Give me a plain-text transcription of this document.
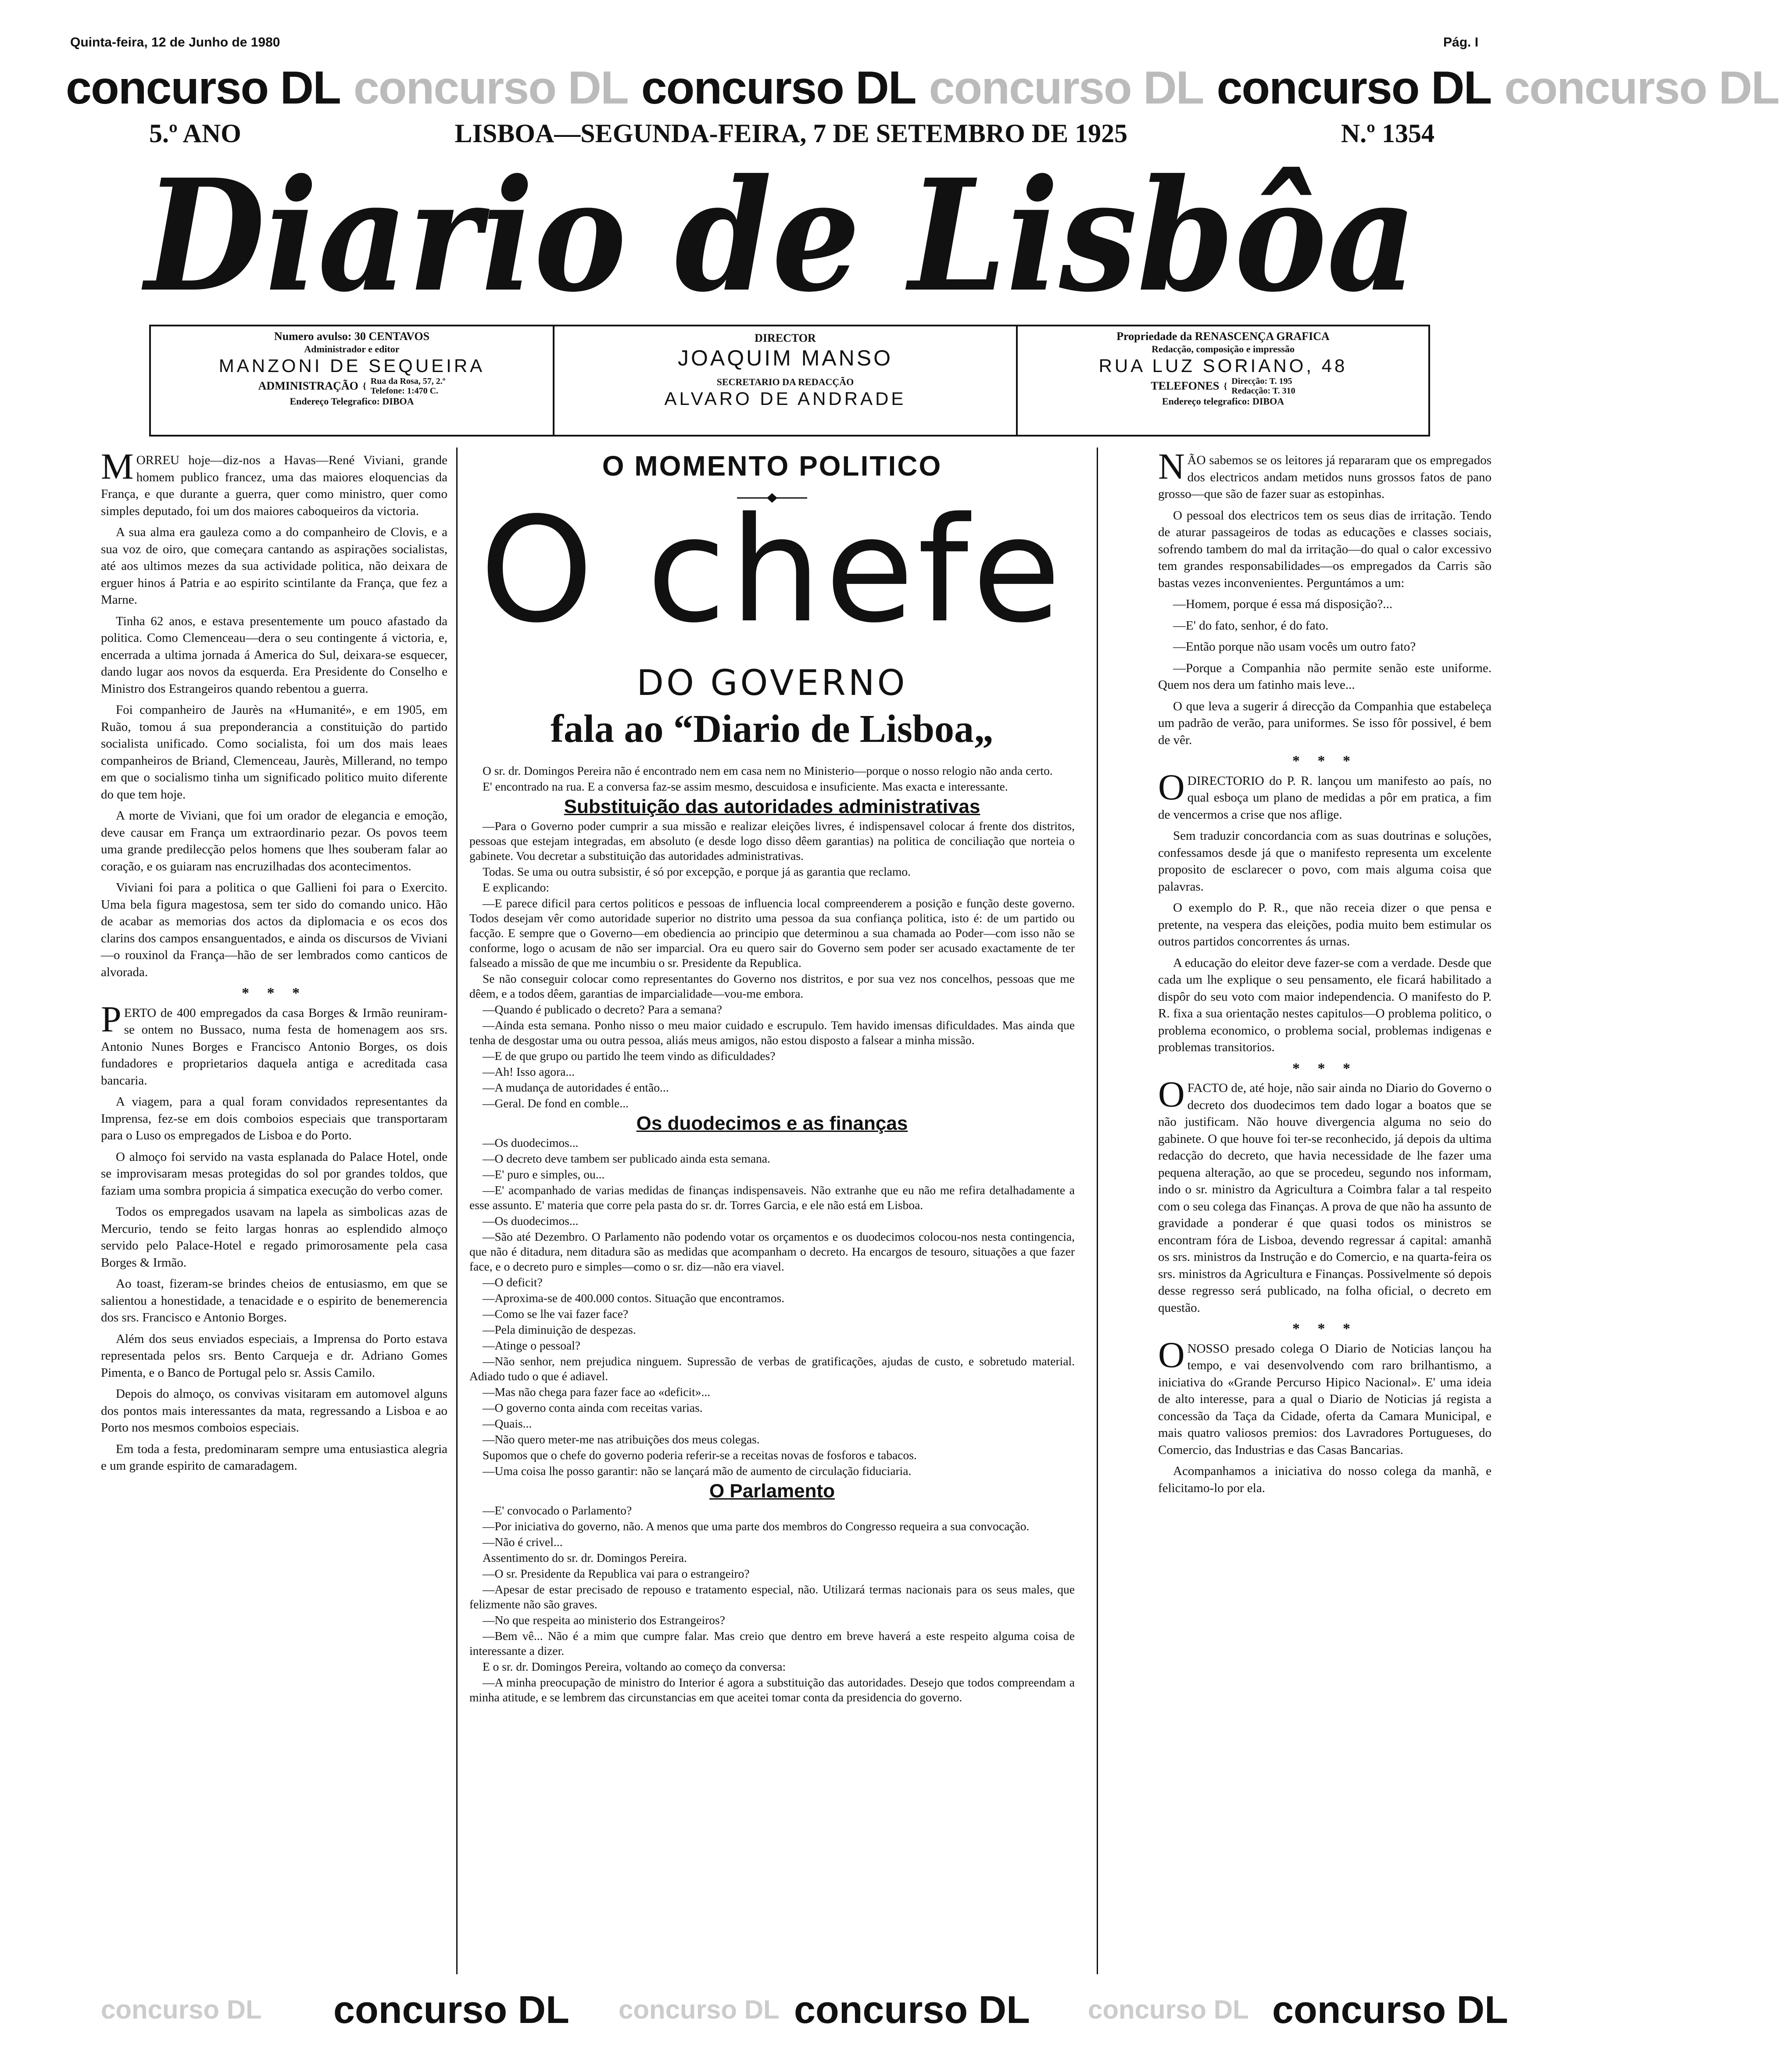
Quinta-feira, 12 de Junho de 1980	Pág. I
concurso DL concurso DL concurso DL concurso DL concurso DL concurso DL
5.º ANO	LISBOA—SEGUNDA-FEIRA, 7 DE SETEMBRO DE 1925	N.º 1354
Diario de Lisbôa
Numero avulso: 30 CENTAVOS
Administrador e editor
MANZONI DE SEQUEIRA
ADMINISTRAÇÃO { Rua da Rosa, 57, 2.º
Telefone: 1:470 C.
Endereço Telegrafico: DIBOA
DIRECTOR
JOAQUIM MANSO
SECRETARIO DA REDACÇÃO
ALVARO DE ANDRADE
Propriedade da RENASCENÇA GRAFICA
Redacção, composição e impressão
RUA LUZ SORIANO, 48
TELEFONES { Direcção: T. 195
Redacção: T. 310
Endereço telegrafico: DIBOA

MORREU hoje—diz-nos a Havas—René Viviani, grande homem publico francez, uma das maiores eloquencias da França, e que durante a guerra, quer como ministro, quer como simples deputado, foi um dos maiores caboqueiros da victoria.

A sua alma era gauleza como a do companheiro de Clovis, e a sua voz de oiro, que começara cantando as aspirações socialistas, até aos ultimos mezes da sua actividade politica, não deixara de erguer hinos á Patria e ao espirito scintilante da França, que fez a Marne.

Tinha 62 anos, e estava presentemente um pouco afastado da politica. Como Clemenceau—dera o seu contingente á victoria, e, encerrada a ultima jornada á America do Sul, deixara-se esquecer, dando lugar aos novos da esquerda. Era Presidente do Conselho e Ministro dos Estrangeiros quando rebentou a guerra.

Foi companheiro de Jaurès na «Humanité», e em 1905, em Ruão, tomou á sua preponderancia a constituição do partido socialista unificado. Como socialista, foi um dos mais leaes companheiros de Briand, Clemenceau, Jaurès, Millerand, no tempo em que o socialismo tinha um significado politico muito diferente do que tem hoje.

A morte de Viviani, que foi um orador de elegancia e emoção, deve causar em França um extraordinario pezar. Os povos teem uma grande predilecção pelos homens que lhes souberam falar ao coração, e os guiaram nas encruzilhadas dos acontecimentos.

Viviani foi para a politica o que Gallieni foi para o Exercito. Uma bela figura magestosa, sem ter sido do comando unico. Hão de acabar as memorias dos actos da diplomacia e os ecos dos clarins dos campos ensanguentados, e ainda os discursos de Viviani—o rouxinol da França—hão de ser lembrados como canticos de alvorada.

* * *

PERTO de 400 empregados da casa Borges & Irmão reuniram-se ontem no Bussaco, numa festa de homenagem aos srs. Antonio Nunes Borges e Francisco Antonio Borges, os dois fundadores e proprietarios daquela antiga e acreditada casa bancaria.

A viagem, para a qual foram convidados representantes da Imprensa, fez-se em dois comboios especiais que transportaram para o Luso os empregados de Lisboa e do Porto.

O almoço foi servido na vasta esplanada do Palace Hotel, onde se improvisaram mesas protegidas do sol por grandes toldos, que faziam uma sombra propicia á simpatica execução do verbo comer.

Todos os empregados usavam na lapela as simbolicas azas de Mercurio, tendo se feito largas honras ao esplendido almoço servido pelo Palace-Hotel e regado primorosamente pela casa Borges & Irmão.

Ao toast, fizeram-se brindes cheios de entusiasmo, em que se salientou a honestidade, a tenacidade e o espirito de benemerencia dos srs. Francisco e Antonio Borges.

Além dos seus enviados especiais, a Imprensa do Porto estava representada pelos srs. Bento Carqueja e dr. Adriano Gomes Pimenta, e o Banco de Portugal pelo sr. Assis Camilo.

Depois do almoço, os convivas visitaram em automovel alguns dos pontos mais interessantes da mata, regressando a Lisboa e ao Porto nos mesmos comboios especiais.

Em toda a festa, predominaram sempre uma entusiastica alegria e um grande espirito de camaradagem.

O MOMENTO POLITICO
O chefe
DO GOVERNO
fala ao “Diario de Lisboa„

O sr. dr. Domingos Pereira não é encontrado nem em casa nem no Ministerio—porque o nosso relogio não anda certo.

E' encontrado na rua. E a conversa faz-se assim mesmo, descuidosa e insuficiente. Mas exacta e interessante.

Substituição das autoridades administrativas

—Para o Governo poder cumprir a sua missão e realizar eleições livres, é indispensavel colocar á frente dos distritos, pessoas que estejam integradas, em absoluto (e desde logo disso dêem garantias) na politica de conciliação que norteia o gabinete. Vou decretar a substituição das autoridades administrativas.

Todas. Se uma ou outra subsistir, é só por excepção, e porque já as garantia que reclamo.

E explicando:

—E parece dificil para certos politicos e pessoas de influencia local compreenderem a posição e função deste governo. Todos desejam vêr como autoridade superior no distrito uma pessoa da sua confiança politica, isto é: de um partido ou facção. E sempre que o Governo—em obediencia ao principio que determinou a sua chamada ao Poder—com isso não se conforme, logo o acusam de não ser imparcial. Ora eu quero sair do Governo sem poder ser acusado exactamente de ter falseado a missão de que me incumbiu o sr. Presidente da Republica.

Se não conseguir colocar como representantes do Governo nos distritos, e por sua vez nos concelhos, pessoas que me dêem, e a todos dêem, garantias de imparcialidade—vou-me embora.

—Quando é publicado o decreto? Para a semana?

—Ainda esta semana. Ponho nisso o meu maior cuidado e escrupulo. Tem havido imensas dificuldades. Mas ainda que tenha de desgostar uma ou outra pessoa, aliás meus amigos, não estou disposto a falsear a minha missão.

—E de que grupo ou partido lhe teem vindo as dificuldades?

—Ah! Isso agora...

—A mudança de autoridades é então...

—Geral. De fond en comble...

Os duodecimos e as finanças

—Os duodecimos...

—O decreto deve tambem ser publicado ainda esta semana.

—E' puro e simples, ou...

—E' acompanhado de varias medidas de finanças indispensaveis. Não extranhe que eu não me refira detalhadamente a esse assunto. E' materia que corre pela pasta do sr. dr. Torres Garcia, e ele não está em Lisboa.

—Os duodecimos...

—São até Dezembro. O Parlamento não podendo votar os orçamentos e os duodecimos colocou-nos nesta contingencia, que não é ditadura, nem ditadura são as medidas que acompanham o decreto. Ha encargos de tesouro, situações a que fazer face, e o decreto puro e simples—como o sr. diz—não era viavel.

—O deficit?

—Aproxima-se de 400.000 contos. Situação que encontramos.

—Como se lhe vai fazer face?

—Pela diminuição de despezas.

—Atinge o pessoal?

—Não senhor, nem prejudica ninguem. Supressão de verbas de gratificações, ajudas de custo, e sobretudo material. Adiado tudo o que é adiavel.

—Mas não chega para fazer face ao «deficit»...

—O governo conta ainda com receitas varias.

—Quais...

—Não quero meter-me nas atribuições dos meus colegas.

Supomos que o chefe do governo poderia referir-se a receitas novas de fosforos e tabacos.

—Uma coisa lhe posso garantir: não se lançará mão de aumento de circulação fiduciaria.

O Parlamento

—E' convocado o Parlamento?

—Por iniciativa do governo, não. A menos que uma parte dos membros do Congresso requeira a sua convocação.

—Não é crivel...

Assentimento do sr. dr. Domingos Pereira.

—O sr. Presidente da Republica vai para o estrangeiro?

—Apesar de estar precisado de repouso e tratamento especial, não. Utilizará termas nacionais para os seus males, que felizmente não são graves.

—No que respeita ao ministerio dos Estrangeiros?

—Bem vê... Não é a mim que cumpre falar. Mas creio que dentro em breve haverá a este respeito alguma coisa de interessante a dizer.

E o sr. dr. Domingos Pereira, voltando ao começo da conversa:

—A minha preocupação de ministro do Interior é agora a substituição das autoridades. Desejo que todos compreendam a minha atitude, e se lembrem das circunstancias em que aceitei tomar conta da presidencia do governo.

NÃO sabemos se os leitores já repararam que os empregados dos electricos andam metidos nuns grossos fatos de pano grosso—que são de fazer suar as estopinhas.

O pessoal dos electricos tem os seus dias de irritação. Tendo de aturar passageiros de todas as educações e classes sociais, sofrendo tambem do mal da irritação—do qual o calor excessivo tem grandes responsabilidades—os empregados da Carris são bastas vezes inconvenientes. Perguntámos a um:

—Homem, porque é essa má disposição?...

—E' do fato, senhor, é do fato.

—Então porque não usam vocês um outro fato?

—Porque a Companhia não permite senão este uniforme. Quem nos dera um fatinho mais leve...

O que leva a sugerir á direcção da Companhia que estabeleça um padrão de verão, para uniformes. Se isso fôr possivel, é bem de vêr.

* * *

ODIRECTORIO do P. R. lançou um manifesto ao país, no qual esboça um plano de medidas a pôr em pratica, a fim de vencermos a crise que nos aflige.

Sem traduzir concordancia com as suas doutrinas e soluções, confessamos desde já que o manifesto representa um excelente proposito de esclarecer o povo, com mais alguma coisa que palavras.

O exemplo do P. R., que não receia dizer o que pensa e pretente, na vespera das eleições, podia muito bem estimular os outros partidos concorrentes ás urnas.

A educação do eleitor deve fazer-se com a verdade. Desde que cada um lhe explique o seu pensamento, ele ficará habilitado a dispôr do seu voto com maior independencia. O manifesto do P. R. fixa a sua orientação nestes capitulos—O problema politico, o problema economico, o problema social, problemas indigenas e problemas transitorios.

* * *

OFACTO de, até hoje, não sair ainda no Diario do Governo o decreto dos duodecimos tem dado logar a boatos que se não justificam. Não houve divergencia alguma no seio do gabinete. O que houve foi ter-se reconhecido, já depois da ultima redacção do decreto, que havia necessidade de lhe fazer uma pequena alteração, ao que se procedeu, segundo nos informam, indo o sr. ministro da Agricultura a Coimbra falar a tal respeito com o seu colega das Finanças. A prova de que não ha assunto de gravidade a ponderar é que quasi todos os ministros se encontram fóra de Lisboa, devendo regressar á capital: amanhã os srs. ministros da Instrução e do Comercio, e na quarta-feira os srs. ministros da Agricultura e Finanças. Possivelmente só depois desse regresso será publicado, na folha oficial, o decreto em questão.

* * *

ONOSSO presado colega O Diario de Noticias lançou ha tempo, e vai desenvolvendo com raro brilhantismo, a iniciativa do «Grande Percurso Hipico Nacional». E' uma ideia de alto interesse, para a qual o Diario de Noticias já regista a concessão da Taça da Cidade, oferta da Camara Municipal, e mais quatro valiosos premios: dos Lavradores Portugueses, do Comercio, das Industrias e das Casas Bancarias.

Acompanhamos a iniciativa do nosso colega da manhã, e felicitamo-lo por ela.

concurso DL concurso DL concurso DL concurso DL concurso DL concurso DL
